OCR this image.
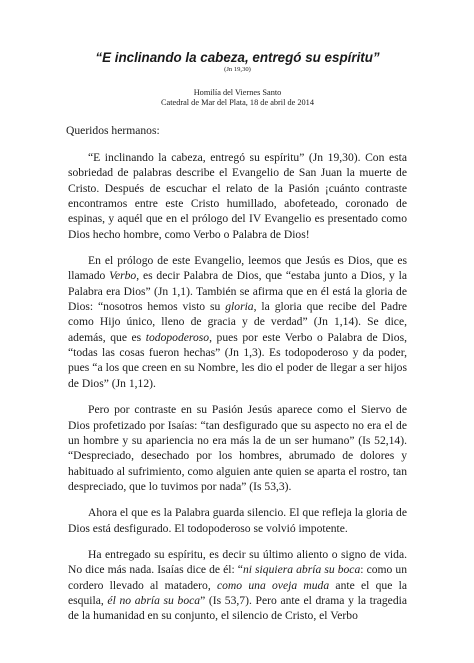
“E inclinando la cabeza, entregó su espíritu”

(Jn 19,30)

Homilía del Viernes Santo

Catedral de Mar del Plata, 18 de abril de 2014

Queridos hermanos:

“E inclinando la cabeza, entregó su espíritu” (Jn 19,30). Con esta sobriedad de palabras describe el Evangelio de San Juan la muerte de Cristo. Después de escuchar el relato de la Pasión ¡cuánto contraste encontramos entre este Cristo humillado, abofeteado, coronado de espinas, y aquél que en el prólogo del IV Evangelio es presentado como Dios hecho hombre, como Verbo o Palabra de Dios!

En el prólogo de este Evangelio, leemos que Jesús es Dios, que es llamado Verbo, es decir Palabra de Dios, que “estaba junto a Dios, y la Palabra era Dios” (Jn 1,1). También se afirma que en él está la gloria de Dios: “nosotros hemos visto su gloria, la gloria que recibe del Padre como Hijo único, lleno de gracia y de verdad” (Jn 1,14). Se dice, además, que es todopoderoso, pues por este Verbo o Palabra de Dios, “todas las cosas fueron hechas” (Jn 1,3). Es todopoderoso y da poder, pues “a los que creen en su Nombre, les dio el poder de llegar a ser hijos de Dios” (Jn 1,12).

Pero por contraste en su Pasión Jesús aparece como el Siervo de Dios profetizado por Isaías: “tan desfigurado que su aspecto no era el de un hombre y su apariencia no era más la de un ser humano” (Is 52,14). “Despreciado, desechado por los hombres, abrumado de dolores y habituado al sufrimiento, como alguien ante quien se aparta el rostro, tan despreciado, que lo tuvimos por nada” (Is 53,3).

Ahora el que es la Palabra guarda silencio. El que refleja la gloria de Dios está desfigurado. El todopoderoso se volvió impotente.

Ha entregado su espíritu, es decir su último aliento o signo de vida. No dice más nada. Isaías dice de él: “ni siquiera abría su boca: como un cordero llevado al matadero, como una oveja muda ante el que la esquila, él no abría su boca” (Is 53,7). Pero ante el drama y la tragedia de la humanidad en su conjunto, el silencio de Cristo, el Verbo
